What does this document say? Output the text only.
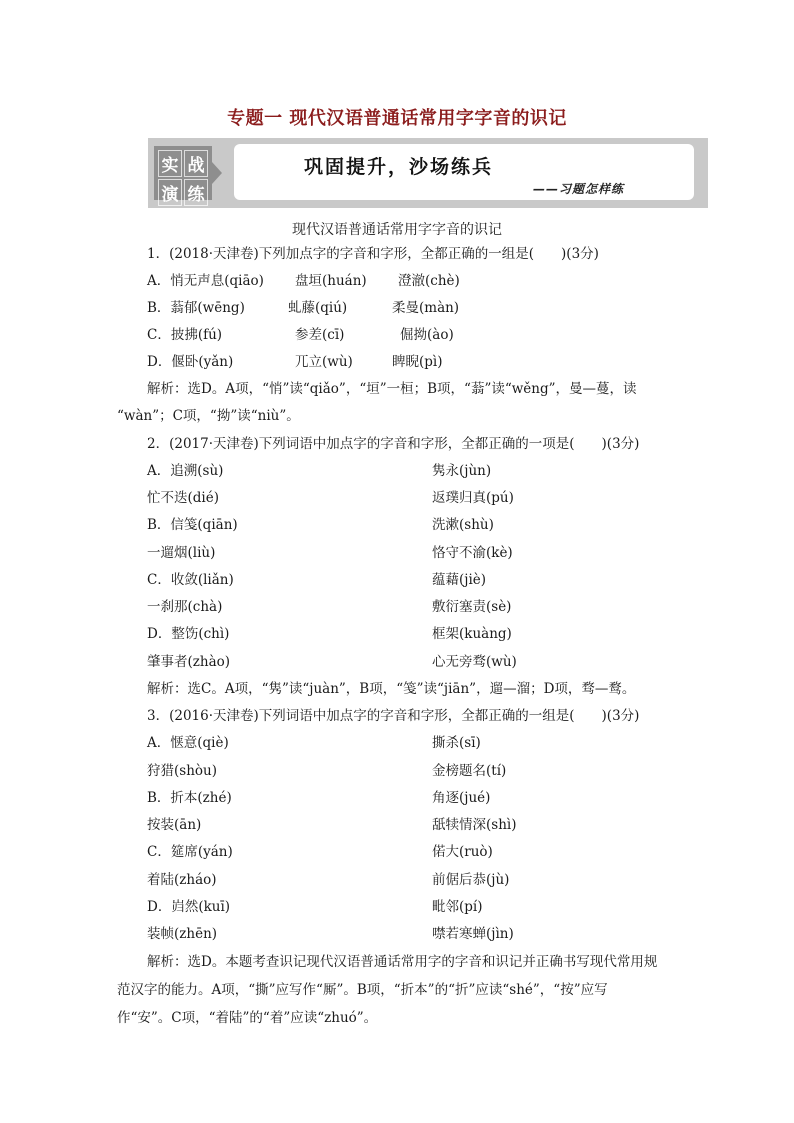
专题一 现代汉语普通话常用字字音的识记
实 战
演 练
巩固提升，沙场练兵
——习题怎样练
现代汉语普通话常用字字音的识记
1．(2018·天津卷)下列加点字的字音和字形，全都正确的一组是(　　)(3分)
A．悄无声息(qiāo) 盘垣(huán) 澄澈(chè)
B．蓊郁(wēng)	虬藤(qiú)	柔曼(màn)
C．披拂(fú)	参差(cī)	倔拗(ào)
D．偃卧(yǎn)	兀立(wù)	睥睨(pì)
解析：选D。A项，“悄”读“qiǎo”，“垣”一桓；B项，“蓊”读“wěng”，曼—蔓，读
“wàn”；C项，“拗”读“niù”。
2．(2017·天津卷)下列词语中加点字的字音和字形，全都正确的一项是(　　)(3分)
A．追溯(sù)	隽永(jùn)
忙不迭(dié)	返璞归真(pú)
B．信笺(qiān)	洗漱(shù)
一遛烟(liù)	恪守不渝(kè)
C．收敛(liǎn)	蕴藉(jiè)
一刹那(chà)	敷衍塞责(sè)
D．整饬(chì)	框架(kuàng)
肇事者(zhào)	心无旁骛(wù)
解析：选C。A项，“隽”读“juàn”，B项，“笺”读“jiān”，遛—溜；D项，骛—鹜。
3．(2016·天津卷)下列词语中加点字的字音和字形，全都正确的一组是(　　)(3分)
A．惬意(qiè)	撕杀(sī)
狩猎(shòu)	金榜题名(tí)
B．折本(zhé)	角逐(jué)
按装(ān)	舐犊情深(shì)
C．筵席(yán)	偌大(ruò)
着陆(zháo)	前倨后恭(jù)
D．岿然(kuī)	毗邻(pí)
装帧(zhēn)	噤若寒蝉(jìn)
解析：选D。本题考查识记现代汉语普通话常用字的字音和识记并正确书写现代常用规
范汉字的能力。A项，“撕”应写作“厮”。B项，“折本”的“折”应读“shé”，“按”应写
作“安”。C项，“着陆”的“着”应读“zhuó”。
